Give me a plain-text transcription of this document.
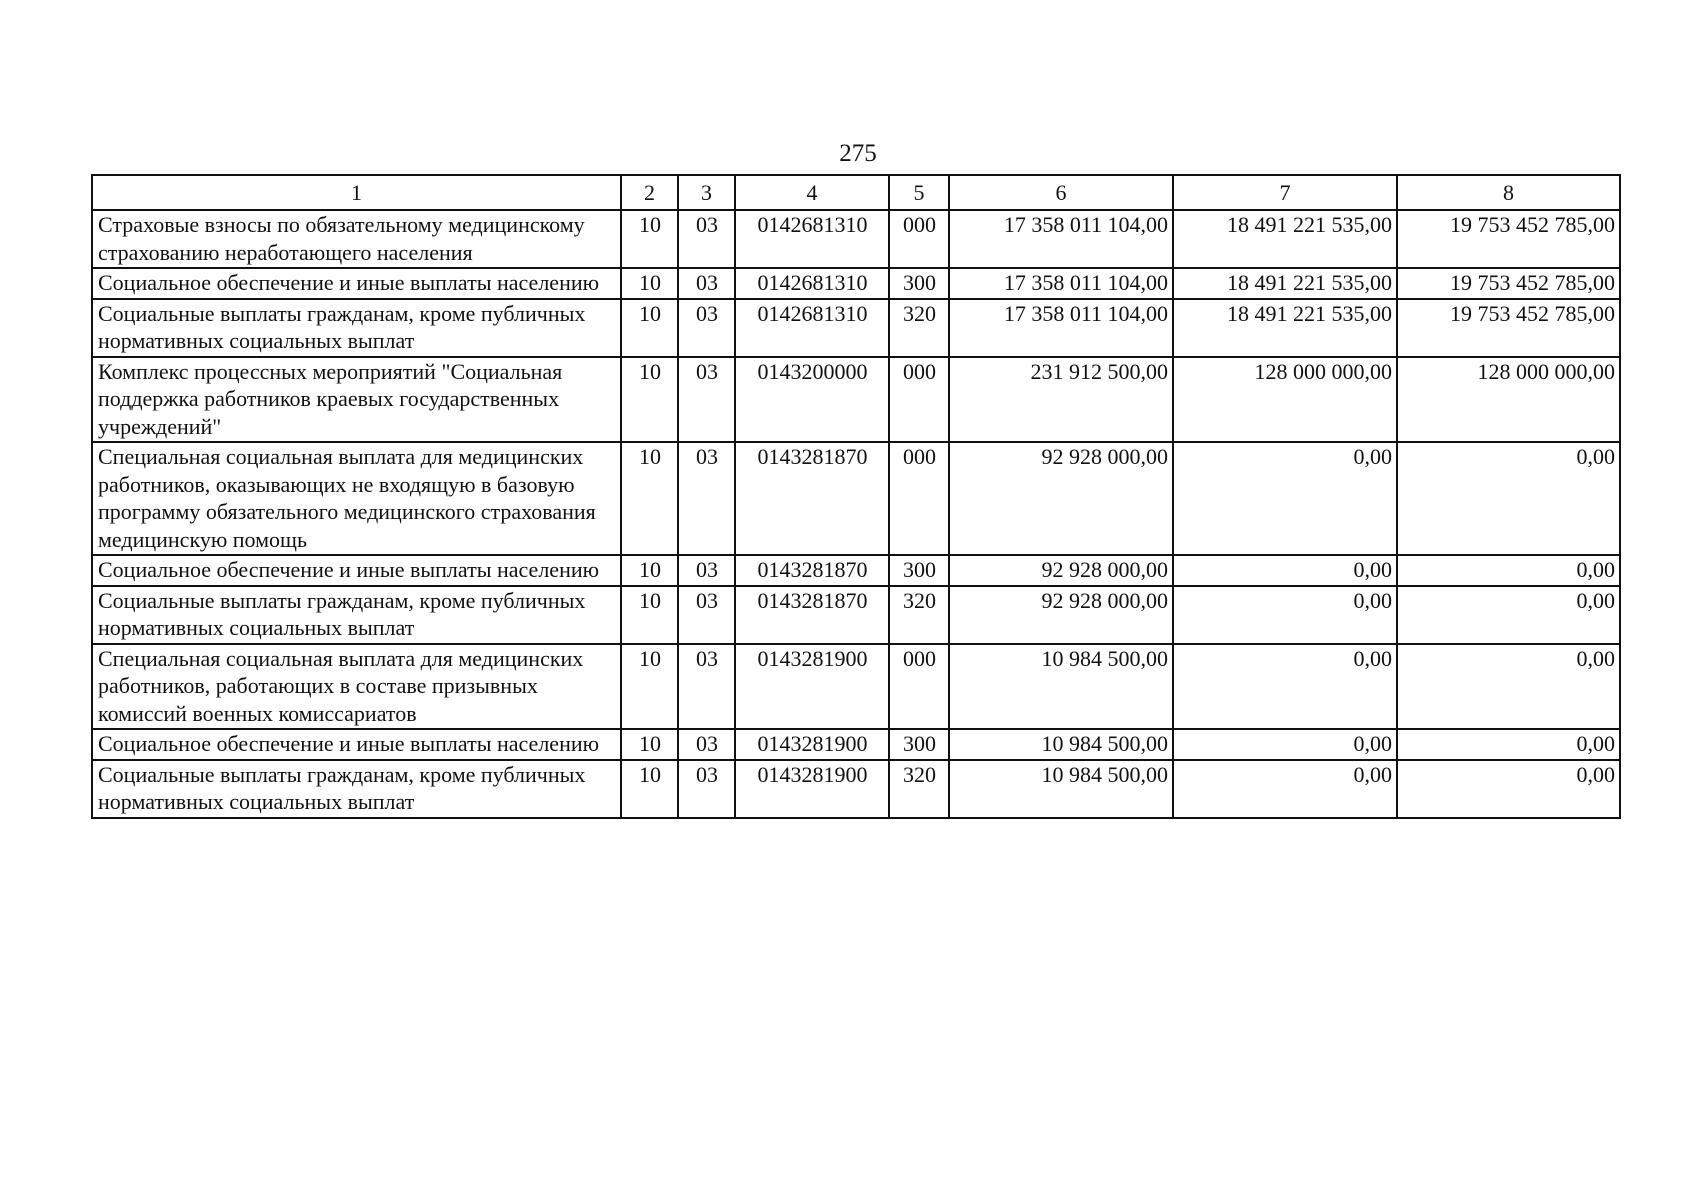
275
1	2	3	4	5	6	7	8
Страховые взносы по обязательному медицинскому страхованию неработающего населения	10	03	0142681310	000	17 358 011 104,00	18 491 221 535,00	19 753 452 785,00
Социальное обеспечение и иные выплаты населению	10	03	0142681310	300	17 358 011 104,00	18 491 221 535,00	19 753 452 785,00
Социальные выплаты гражданам, кроме публичных нормативных социальных выплат	10	03	0142681310	320	17 358 011 104,00	18 491 221 535,00	19 753 452 785,00
Комплекс процессных мероприятий "Социальная поддержка работников краевых государственных учреждений"	10	03	0143200000	000	231 912 500,00	128 000 000,00	128 000 000,00
Специальная социальная выплата для медицинских работников, оказывающих не входящую в базовую программу обязательного медицинского страхования медицинскую помощь	10	03	0143281870	000	92 928 000,00	0,00	0,00
Социальное обеспечение и иные выплаты населению	10	03	0143281870	300	92 928 000,00	0,00	0,00
Социальные выплаты гражданам, кроме публичных нормативных социальных выплат	10	03	0143281870	320	92 928 000,00	0,00	0,00
Специальная социальная выплата для медицинских работников, работающих в составе призывных комиссий военных комиссариатов	10	03	0143281900	000	10 984 500,00	0,00	0,00
Социальное обеспечение и иные выплаты населению	10	03	0143281900	300	10 984 500,00	0,00	0,00
Социальные выплаты гражданам, кроме публичных нормативных социальных выплат	10	03	0143281900	320	10 984 500,00	0,00	0,00
